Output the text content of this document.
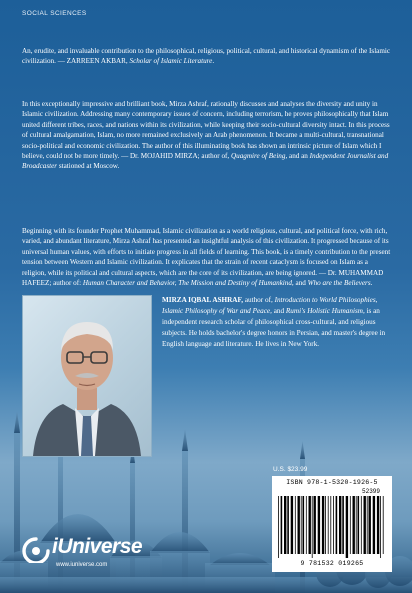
SOCIAL SCIENCES

An, erudite, and invaluable contribution to the philosophical, religious, political, cultural, and historical dynamism of the Islamic civilization. — ZARREEN AKBAR, Scholar of Islamic Literature.

In this exceptionally impressive and brilliant book, Mirza Ashraf, rationally discusses and analyses the diversity and unity in Islamic civilization. Addressing many contemporary issues of concern, including terrorism, he proves philosophically that Islam united different tribes, races, and nations within its civilization, while keeping their socio-cultural diversity intact. In this process of cultural amalgamation, Islam, no more remained exclusively an Arab phenomenon. It became a multi-cultural, transnational socio-political and economic civilization. The author of this illuminating book has shown an intrinsic picture of Islam which I believe, could not be more timely. — Dr. MOJAHID MIRZA; author of, Quagmire of Being, and an Independent Journalist and Broadcaster stationed at Moscow.

Beginning with its founder Prophet Muhammad, Islamic civilization as a world religious, cultural, and political force, with rich, varied, and abundant literature, Mirza Ashraf has presented an insightful analysis of this civilization. It progressed because of its universal human values, with efforts to initiate progress in all fields of learning. This book, is a timely contribution to the present tension between Western and Islamic civilization. It explicates that the strain of recent cataclysm is focused on Islam as a religion, while its political and cultural aspects, which are the core of its civilization, are being ignored. — Dr. MUHAMMAD HAFEEZ; author of: Human Character and Behavior, The Mission and Destiny of Humankind, and Who are the Believers.

MIRZA IQBAL ASHRAF, author of, Introduction to World Philosophies, Islamic Philosophy of War and Peace, and Rumi's Holistic Humanism, is an independent research scholar of philosophical cross-cultural, and religious subjects. He holds bachelor's degree honors in Persian, and master's degree in English language and literature. He lives in New York.

U.S. $23.99
ISBN 978-1-5320-1926-5
52399
9 781532 019265
iUniverse
www.iuniverse.com
